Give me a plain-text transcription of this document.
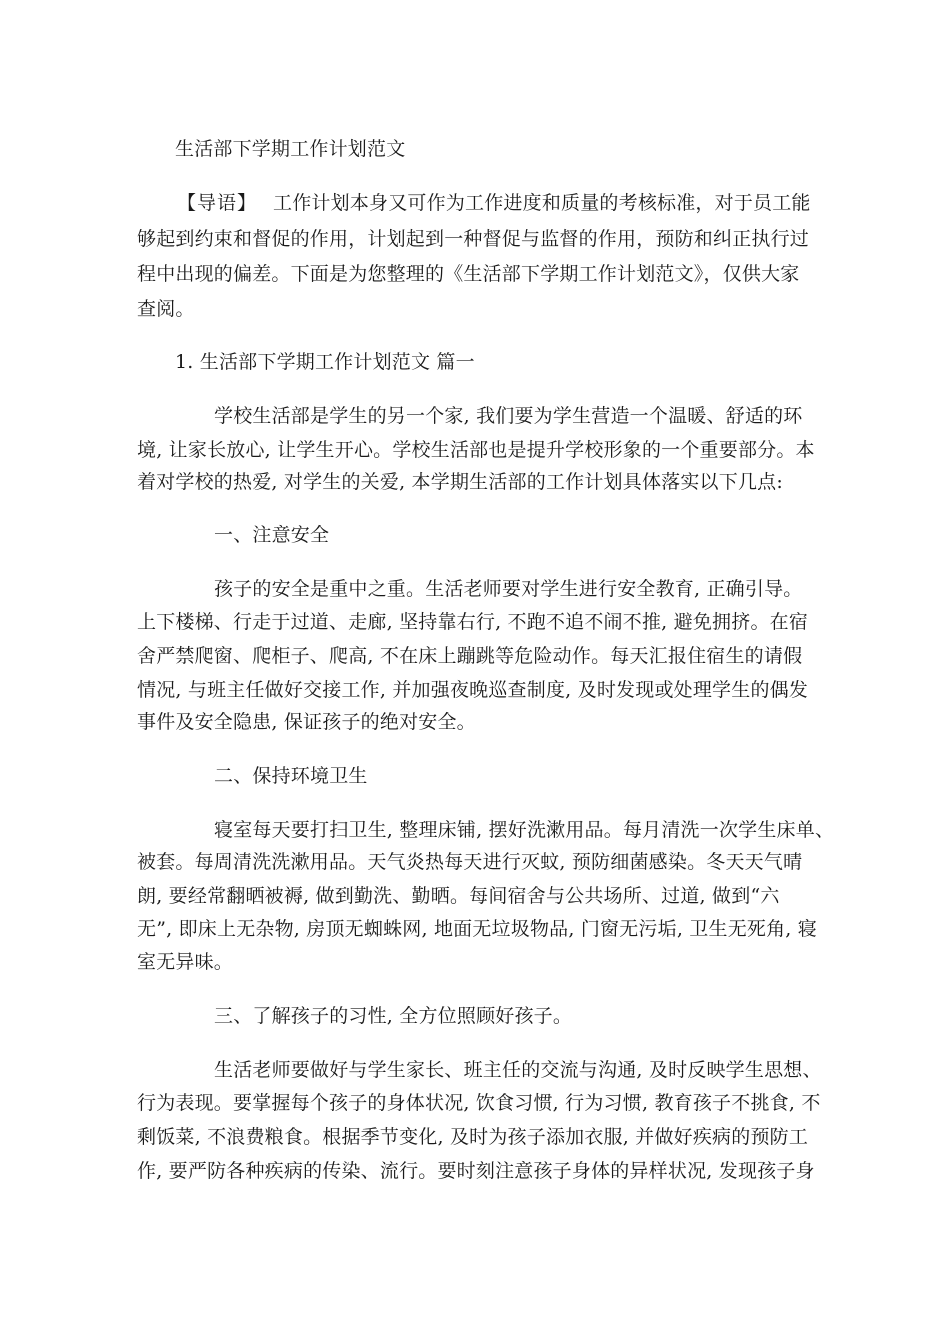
生活部下学期工作计划范文
【导语】 工作计划本身又可作为工作进度和质量的考核标准，对于员工能
够起到约束和督促的作用，计划起到一种督促与监督的作用，预防和纠正执行过
程中出现的偏差。下面是为您整理的《生活部下学期工作计划范文》，仅供大家
查阅。
1. 生活部下学期工作计划范文 篇一
学校生活部是学生的另一个家, 我们要为学生营造一个温暖、舒适的环
境, 让家长放心, 让学生开心。学校生活部也是提升学校形象的一个重要部分。本
着对学校的热爱, 对学生的关爱, 本学期生活部的工作计划具体落实以下几点:
一、注意安全
孩子的安全是重中之重。生活老师要对学生进行安全教育, 正确引导。
上下楼梯、行走于过道、走廊, 坚持靠右行, 不跑不追不闹不推, 避免拥挤。在宿
舍严禁爬窗、爬柜子、爬高, 不在床上蹦跳等危险动作。每天汇报住宿生的请假
情况, 与班主任做好交接工作, 并加强夜晚巡查制度, 及时发现或处理学生的偶发
事件及安全隐患, 保证孩子的绝对安全。
二、保持环境卫生
寝室每天要打扫卫生, 整理床铺, 摆好洗漱用品。每月清洗一次学生床单、
被套。每周清洗洗漱用品。天气炎热每天进行灭蚊, 预防细菌感染。冬天天气晴
朗, 要经常翻晒被褥, 做到勤洗、勤晒。每间宿舍与公共场所、过道, 做到“六
无”, 即床上无杂物, 房顶无蜘蛛网, 地面无垃圾物品, 门窗无污垢, 卫生无死角, 寝
室无异味。
三、了解孩子的习性, 全方位照顾好孩子。
生活老师要做好与学生家长、班主任的交流与沟通, 及时反映学生思想、
行为表现。要掌握每个孩子的身体状况, 饮食习惯, 行为习惯, 教育孩子不挑食, 不
剩饭菜, 不浪费粮食。根据季节变化, 及时为孩子添加衣服, 并做好疾病的预防工
作, 要严防各种疾病的传染、流行。要时刻注意孩子身体的异样状况, 发现孩子身
